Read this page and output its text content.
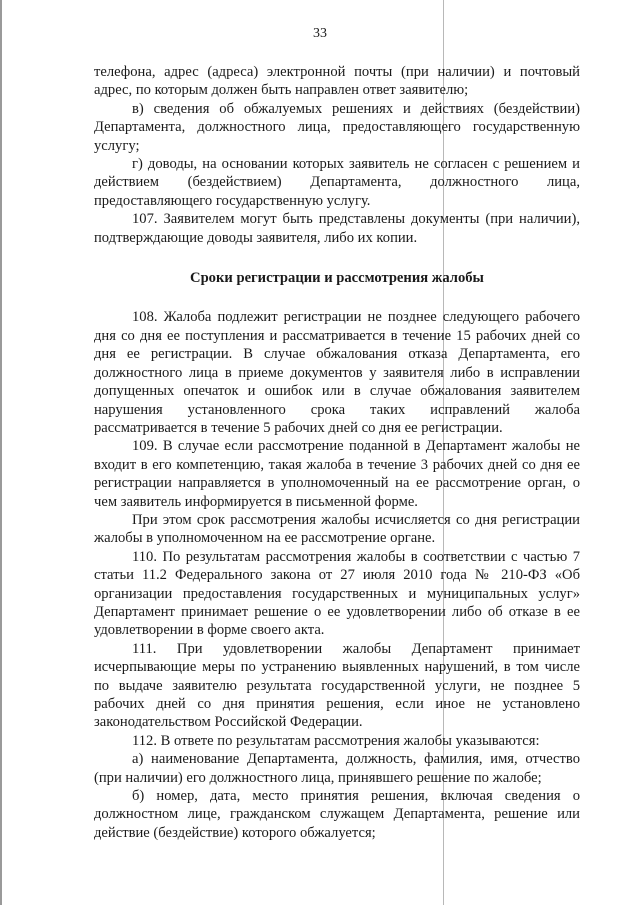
33

телефона, адрес (адреса) электронной почты (при наличии) и почтовый адрес, по которым должен быть направлен ответ заявителю;

в) сведения об обжалуемых решениях и действиях (бездействии) Департамента, должностного лица, предоставляющего государственную услугу;

г) доводы, на основании которых заявитель не согласен с решением и действием (бездействием) Департамента, должностного лица, предоставляющего государственную услугу.

107. Заявителем могут быть представлены документы (при наличии), подтверждающие доводы заявителя, либо их копии.

Сроки регистрации и рассмотрения жалобы

108. Жалоба подлежит регистрации не позднее следующего рабочего дня со дня ее поступления и рассматривается в течение 15 рабочих дней со дня ее регистрации. В случае обжалования отказа Департамента, его должностного лица в приеме документов у заявителя либо в исправлении допущенных опечаток и ошибок или в случае обжалования заявителем нарушения установленного срока таких исправлений жалоба рассматривается в течение 5 рабочих дней со дня ее регистрации.

109. В случае если рассмотрение поданной в Департамент жалобы не входит в его компетенцию, такая жалоба в течение 3 рабочих дней со дня ее регистрации направляется в уполномоченный на ее рассмотрение орган, о чем заявитель информируется в письменной форме.

При этом срок рассмотрения жалобы исчисляется со дня регистрации жалобы в уполномоченном на ее рассмотрение органе.

110. По результатам рассмотрения жалобы в соответствии с частью 7 статьи 11.2 Федерального закона от 27 июля 2010 года № 210-ФЗ «Об организации предоставления государственных и муниципальных услуг» Департамент принимает решение о ее удовлетворении либо об отказе в ее удовлетворении в форме своего акта.

111. При удовлетворении жалобы Департамент принимает исчерпывающие меры по устранению выявленных нарушений, в том числе по выдаче заявителю результата государственной услуги, не позднее 5 рабочих дней со дня принятия решения, если иное не установлено законодательством Российской Федерации.

112. В ответе по результатам рассмотрения жалобы указываются:

а) наименование Департамента, должность, фамилия, имя, отчество (при наличии) его должностного лица, принявшего решение по жалобе;

б) номер, дата, место принятия решения, включая сведения о должностном лице, гражданском служащем Департамента, решение или действие (бездействие) которого обжалуется;
